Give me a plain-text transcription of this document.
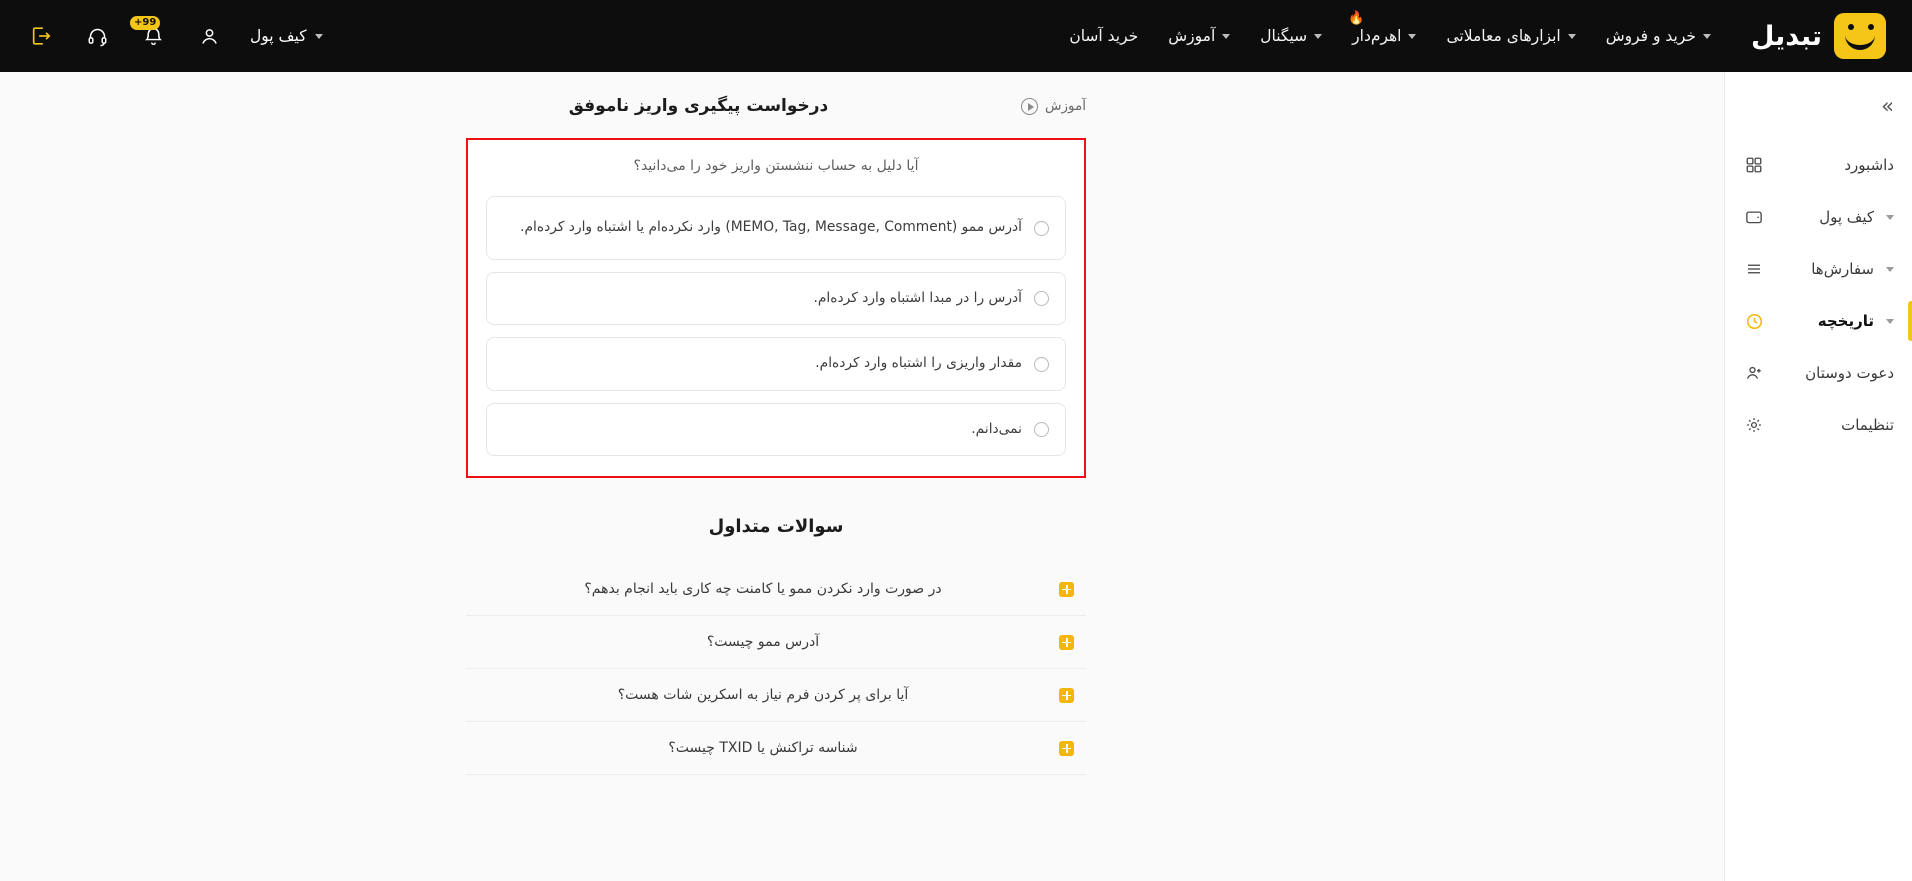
تبدیل
خرید و فروش
ابزارهای معاملاتی
اهرم‌دار
🔥
سیگنال
آموزش
خرید آسان
کیف پول
99+
»
داشبورد
کیف پول
سفارش‌ها
تاریخچه
دعوت دوستان
تنظیمات
آموزش
درخواست پیگیری واریز ناموفق
آیا دلیل به حساب ننشستن واریز خود را می‌دانید؟
آدرس ممو (MEMO, Tag, Message, Comment) وارد نکرده‌ام یا اشتباه وارد کرده‌ام.
آدرس را در مبدا اشتباه وارد کرده‌ام.
مقدار واریزی را اشتباه وارد کرده‌ام.
نمی‌دانم.
سوالات متداول
در صورت وارد نکردن ممو یا کامنت چه کاری باید انجام بدهم؟
آدرس ممو چیست؟
آیا برای پر کردن فرم نیاز به اسکرین شات هست؟
شناسه تراکنش یا TXID چیست؟
